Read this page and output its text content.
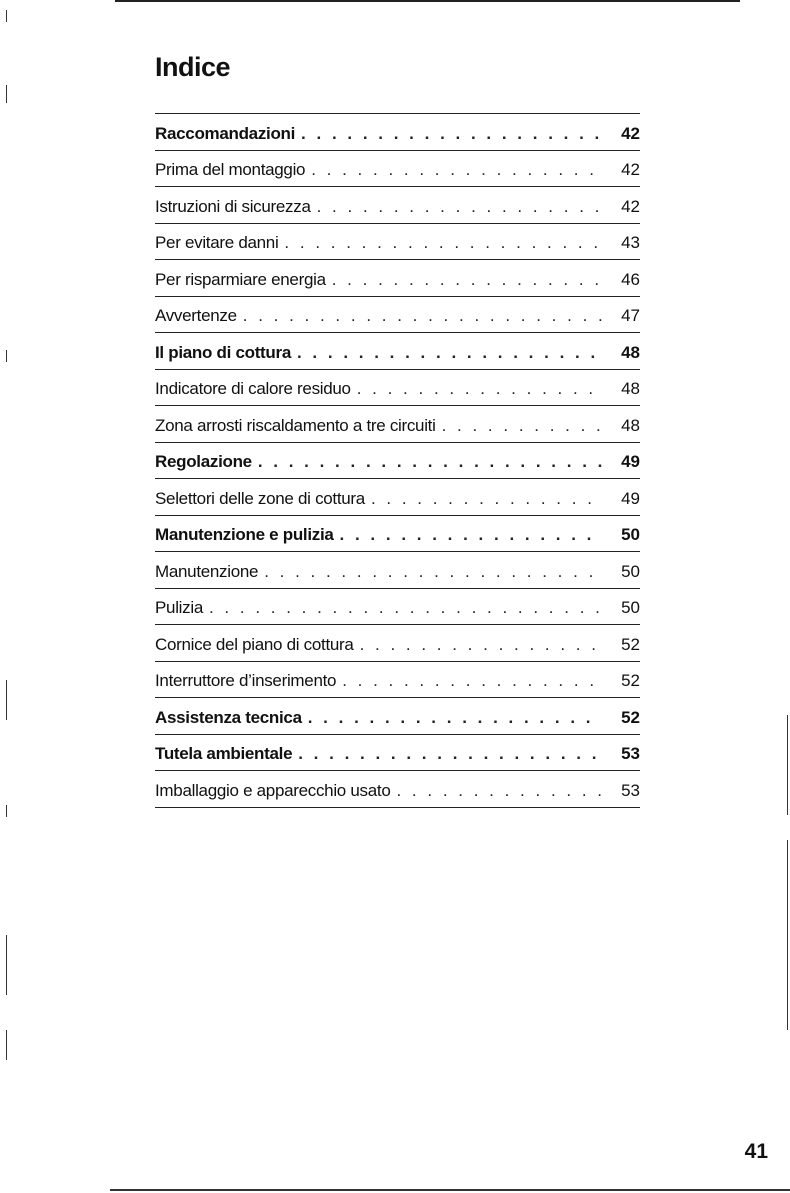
Indice
Raccomandazioni . . .	42
Prima del montaggio . . .	42
Istruzioni di sicurezza . . .	42
Per evitare danni . . .	43
Per risparmiare energia . . .	46
Avvertenze . . .	47
Il piano di cottura . . .	48
Indicatore di calore residuo . . .	48
Zona arrosti riscaldamento a tre circuiti . . .	48
Regolazione . . .	49
Selettori delle zone di cottura . . .	49
Manutenzione e pulizia . . .	50
Manutenzione . . .	50
Pulizia . . .	50
Cornice del piano di cottura . . .	52
Interruttore d’inserimento . . .	52
Assistenza tecnica . . .	52
Tutela ambientale . . .	53
Imballaggio e apparecchio usato . . .	53
41
